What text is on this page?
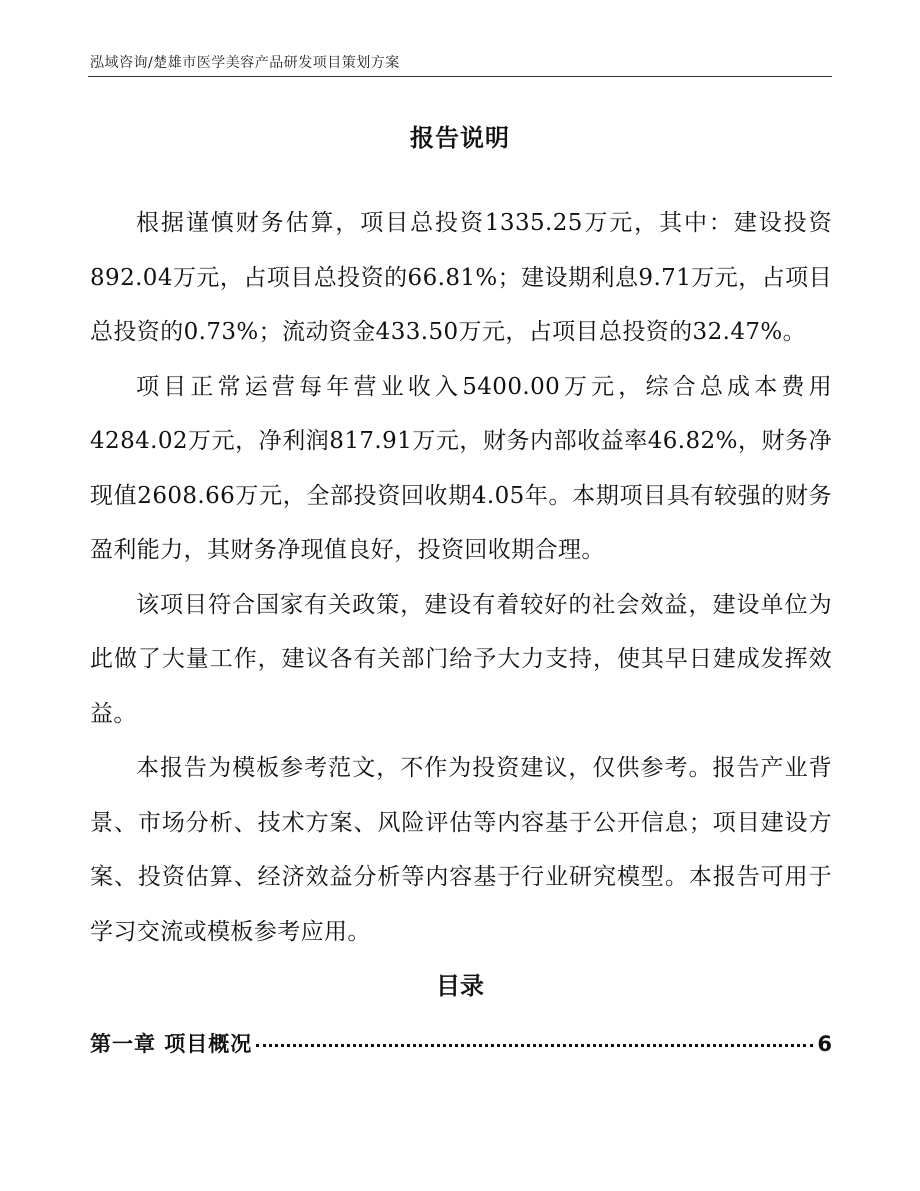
泓域咨询/楚雄市医学美容产品研发项目策划方案
报告说明

根据谨慎财务估算，项目总投资1335.25万元，其中：建设投资892.04万元，占项目总投资的66.81%；建设期利息9.71万元，占项目总投资的0.73%；流动资金433.50万元，占项目总投资的32.47%。

项目正常运营每年营业收入5400.00万元，综合总成本费用4284.02万元，净利润817.91万元，财务内部收益率46.82%，财务净现值2608.66万元，全部投资回收期4.05年。本期项目具有较强的财务盈利能力，其财务净现值良好，投资回收期合理。

该项目符合国家有关政策，建设有着较好的社会效益，建设单位为此做了大量工作，建议各有关部门给予大力支持，使其早日建成发挥效益。

本报告为模板参考范文，不作为投资建议，仅供参考。报告产业背景、市场分析、技术方案、风险评估等内容基于公开信息；项目建设方案、投资估算、经济效益分析等内容基于行业研究模型。本报告可用于学习交流或模板参考应用。

目录
第一章 项目概况	6
